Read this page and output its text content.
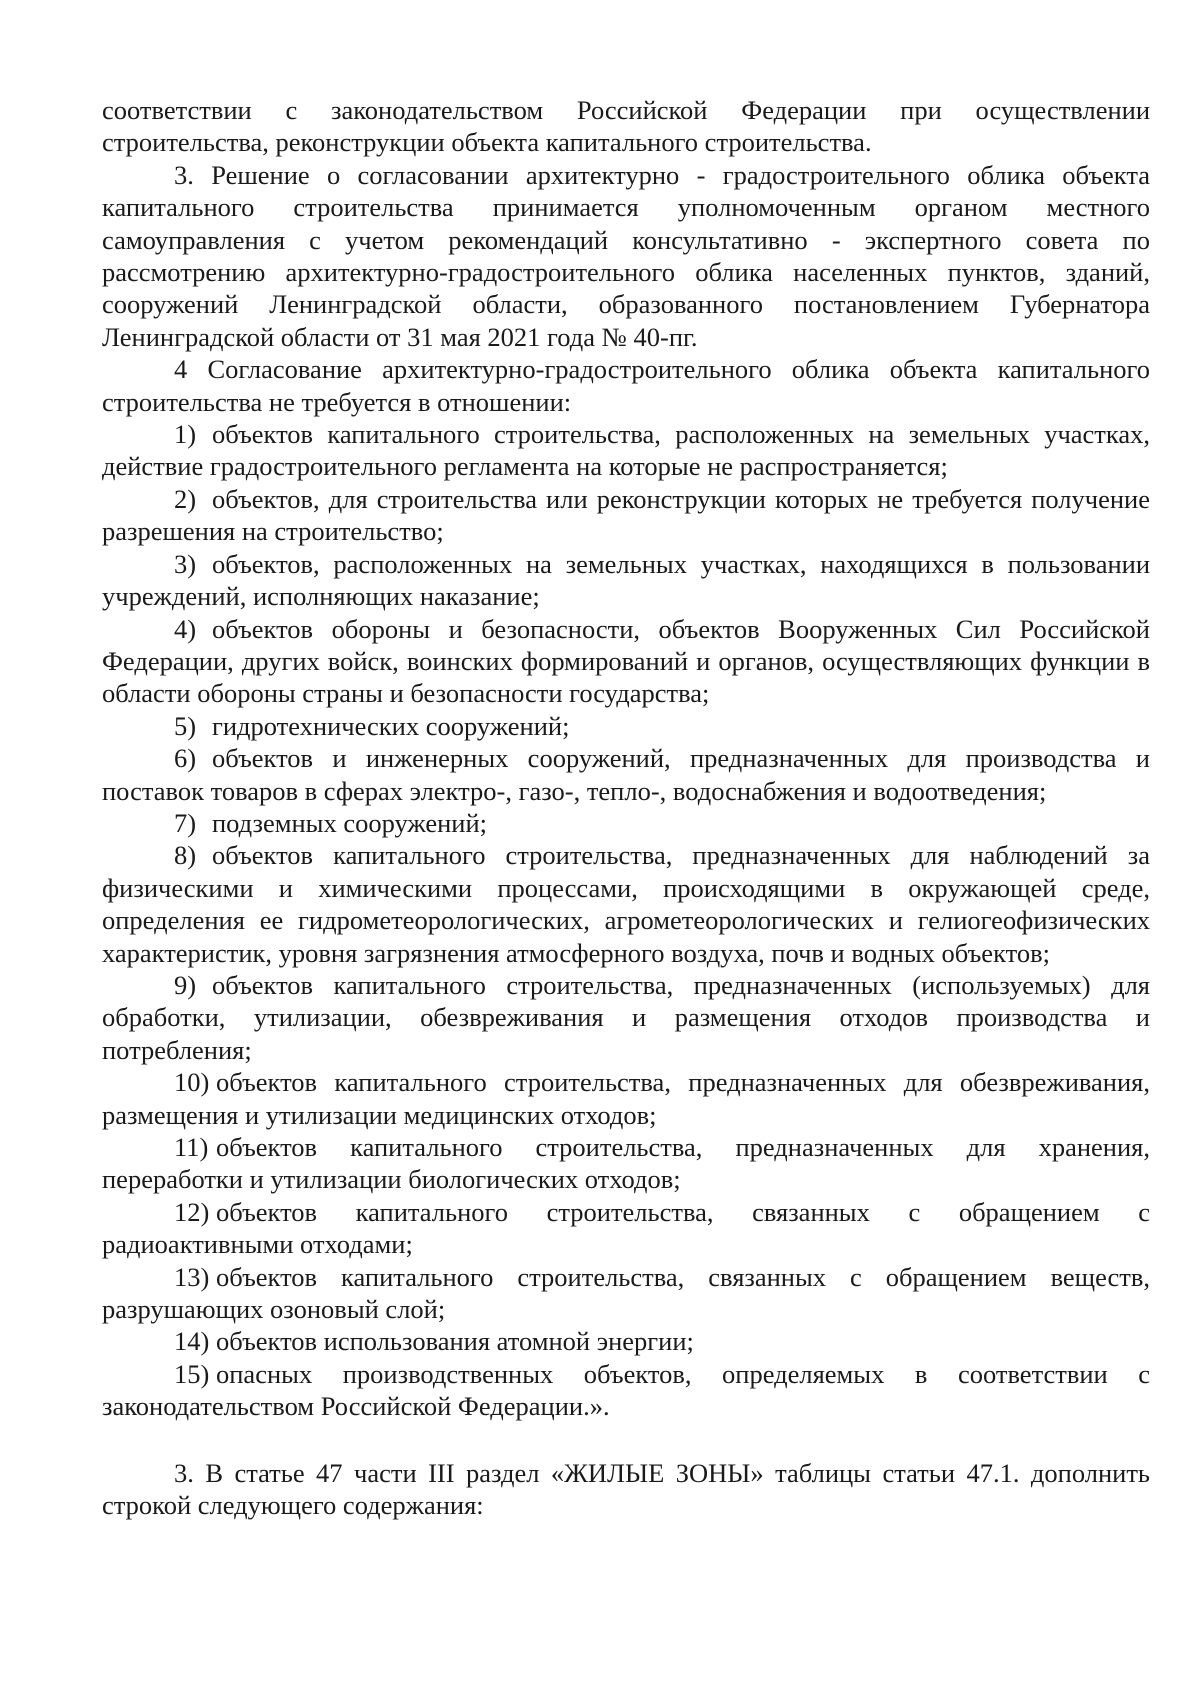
соответствии с законодательством Российской Федерации при осуществлении строительства, реконструкции объекта капитального строительства.

3. Решение о согласовании архитектурно - градостроительного облика объекта капитального строительства принимается уполномоченным органом местного самоуправления с учетом рекомендаций консультативно - экспертного совета по рассмотрению архитектурно-градостроительного облика населенных пунктов, зданий, сооружений Ленинградской области, образованного постановлением Губернатора Ленинградской области от 31 мая 2021 года № 40-пг.

4 Согласование архитектурно-градостроительного облика объекта капитального строительства не требуется в отношении:

1) объектов капитального строительства, расположенных на земельных участках, действие градостроительного регламента на которые не распространяется;

2) объектов, для строительства или реконструкции которых не требуется получение разрешения на строительство;

3) объектов, расположенных на земельных участках, находящихся в пользовании учреждений, исполняющих наказание;

4) объектов обороны и безопасности, объектов Вооруженных Сил Российской Федерации, других войск, воинских формирований и органов, осуществляющих функции в области обороны страны и безопасности государства;

5) гидротехнических сооружений;

6) объектов и инженерных сооружений, предназначенных для производства и поставок товаров в сферах электро-, газо-, тепло-, водоснабжения и водоотведения;

7) подземных сооружений;

8) объектов капитального строительства, предназначенных для наблюдений за физическими и химическими процессами, происходящими в окружающей среде, определения ее гидрометеорологических, агрометеорологических и гелиогеофизических характеристик, уровня загрязнения атмосферного воздуха, почв и водных объектов;

9) объектов капитального строительства, предназначенных (используемых) для обработки, утилизации, обезвреживания и размещения отходов производства и потребления;

10) объектов капитального строительства, предназначенных для обезвреживания, размещения и утилизации медицинских отходов;

11) объектов капитального строительства, предназначенных для хранения, переработки и утилизации биологических отходов;

12) объектов капитального строительства, связанных с обращением с радиоактивными отходами;

13) объектов капитального строительства, связанных с обращением веществ, разрушающих озоновый слой;

14) объектов использования атомной энергии;

15) опасных производственных объектов, определяемых в соответствии с законодательством Российской Федерации.».

3. В статье 47 части III раздел «ЖИЛЫЕ ЗОНЫ» таблицы статьи 47.1. дополнить строкой следующего содержания:
